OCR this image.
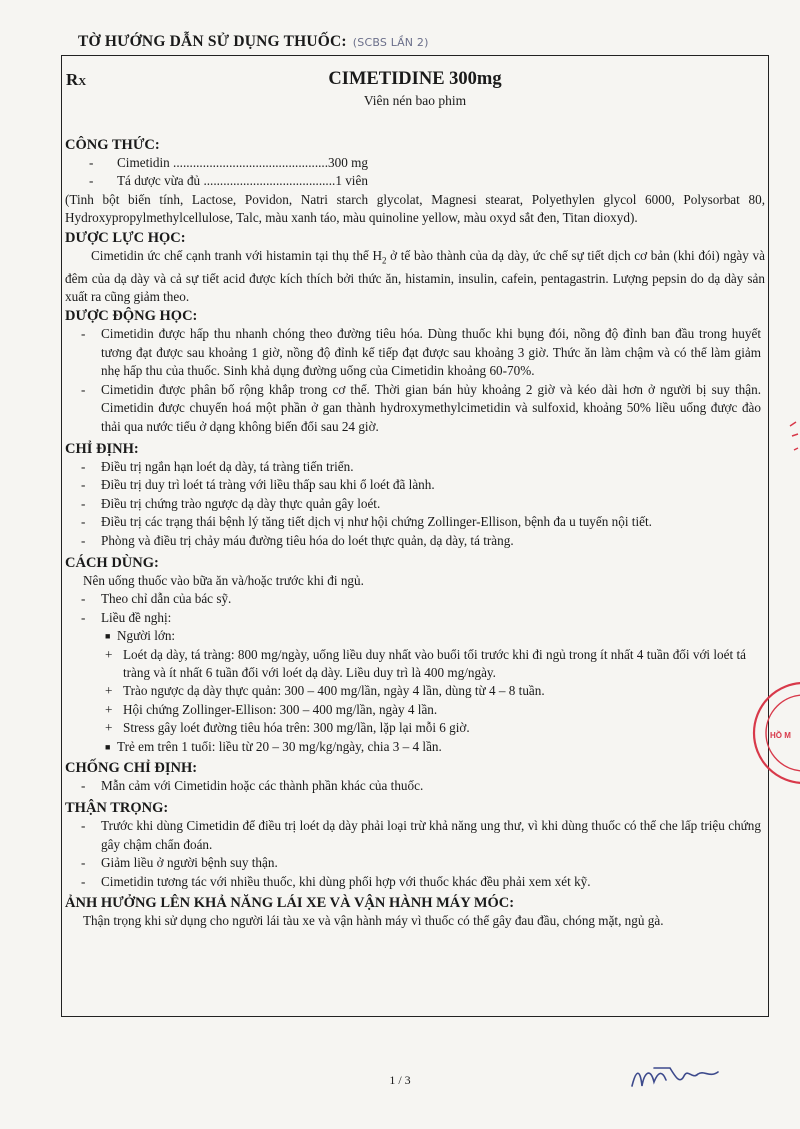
TỜ HƯỚNG DẪN SỬ DỤNG THUỐC: (SCBS LẦN 2)
RX	CIMETIDINE 300mg
Viên nén bao phim
CÔNG THỨC:
-	Cimetidin ...............................................300 mg
-	Tá dược vừa đủ ........................................1 viên
(Tinh bột biến tính, Lactose, Povidon, Natri starch glycolat, Magnesi stearat, Polyethylen glycol 6000, Polysorbat 80, Hydroxypropylmethylcellulose, Talc, màu xanh táo, màu quinoline yellow, màu oxyd sắt đen, Titan dioxyd).
DƯỢC LỰC HỌC:
Cimetidin ức chế cạnh tranh với histamin tại thụ thể $H_2$ ở tế bào thành của dạ dày, ức chế sự tiết dịch cơ bản (khi đói) ngày và đêm của dạ dày và cả sự tiết acid được kích thích bởi thức ăn, histamin, insulin, cafein, pentagastrin. Lượng pepsin do dạ dày sản xuất ra cũng giảm theo.
DƯỢC ĐỘNG HỌC:
-	Cimetidin được hấp thu nhanh chóng theo đường tiêu hóa. Dùng thuốc khi bụng đói, nồng độ đỉnh ban đầu trong huyết tương đạt được sau khoảng 1 giờ, nồng độ đỉnh kế tiếp đạt được sau khoảng 3 giờ. Thức ăn làm chậm và có thể làm giảm nhẹ hấp thu của thuốc. Sinh khả dụng đường uống của Cimetidin khoảng 60-70%.
-	Cimetidin được phân bố rộng khắp trong cơ thể. Thời gian bán hủy khoảng 2 giờ và kéo dài hơn ở người bị suy thận. Cimetidin được chuyển hoá một phần ở gan thành hydroxymethylcimetidin và sulfoxid, khoảng 50% liều uống được đào thải qua nước tiểu ở dạng không biến đổi sau 24 giờ.
CHỈ ĐỊNH:
-	Điều trị ngắn hạn loét dạ dày, tá tràng tiến triển.
-	Điều trị duy trì loét tá tràng với liều thấp sau khi ổ loét đã lành.
-	Điều trị chứng trào ngược dạ dày thực quản gây loét.
-	Điều trị các trạng thái bệnh lý tăng tiết dịch vị như hội chứng Zollinger-Ellison, bệnh đa u tuyến nội tiết.
-	Phòng và điều trị chảy máu đường tiêu hóa do loét thực quản, dạ dày, tá tràng.
CÁCH DÙNG:
Nên uống thuốc vào bữa ăn và/hoặc trước khi đi ngủ.
-	Theo chỉ dẫn của bác sỹ.
-	Liều đề nghị:
■ Người lớn:
+ Loét dạ dày, tá tràng: 800 mg/ngày, uống liều duy nhất vào buổi tối trước khi đi ngủ trong ít nhất 4 tuần đối với loét tá tràng và ít nhất 6 tuần đối với loét dạ dày. Liều duy trì là 400 mg/ngày.
+ Trào ngược dạ dày thực quản: 300 – 400 mg/lần, ngày 4 lần, dùng từ 4 – 8 tuần.
+ Hội chứng Zollinger-Ellison: 300 – 400 mg/lần, ngày 4 lần.
+ Stress gây loét đường tiêu hóa trên: 300 mg/lần, lặp lại mỗi 6 giờ.
■ Trẻ em trên 1 tuổi: liều từ 20 – 30 mg/kg/ngày, chia 3 – 4 lần.
CHỐNG CHỈ ĐỊNH:
-	Mẫn cảm với Cimetidin hoặc các thành phần khác của thuốc.
THẬN TRỌNG:
-	Trước khi dùng Cimetidin để điều trị loét dạ dày phải loại trừ khả năng ung thư, vì khi dùng thuốc có thể che lấp triệu chứng gây chậm chẩn đoán.
-	Giảm liều ở người bệnh suy thận.
-	Cimetidin tương tác với nhiều thuốc, khi dùng phối hợp với thuốc khác đều phải xem xét kỹ.
ẢNH HƯỞNG LÊN KHẢ NĂNG LÁI XE VÀ VẬN HÀNH MÁY MÓC:
Thận trọng khi sử dụng cho người lái tàu xe và vận hành máy vì thuốc có thể gây đau đầu, chóng mặt, ngủ gà.
1 / 3
HỒ M
